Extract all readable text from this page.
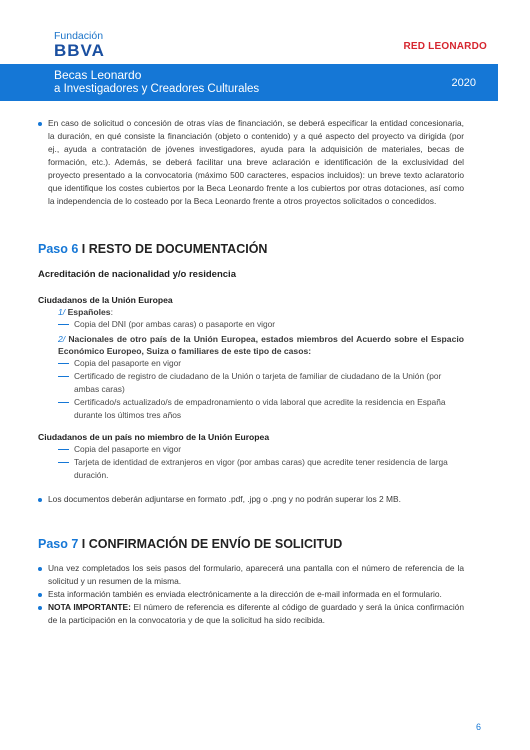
Fundación
BBVA	RED LEONARDO
Becas Leonardo
a Investigadores y Creadores Culturales	2020

En caso de solicitud o concesión de otras vías de financiación, se deberá especificar la entidad concesionaria, la duración, en qué consiste la financiación (objeto o contenido) y a qué aspecto del proyecto va dirigida (por ej., ayuda a contratación de jóvenes investigadores, ayuda para la adquisición de materiales, becas de formación, etc.). Además, se deberá facilitar una breve aclaración e identificación de la exclusividad del proyecto presentado a la convocatoria (máximo 500 caracteres, espacios incluidos): un breve texto aclaratorio que identifique los costes cubiertos por la Beca Leonardo frente a los cubiertos por otras dotaciones, así como la independencia de lo costeado por la Beca Leonardo frente a otros proyectos solicitados o concedidos.

Paso 6 I RESTO DE DOCUMENTACIÓN
Acreditación de nacionalidad y/o residencia
Ciudadanos de la Unión Europea
1/ Españoles:
Copia del DNI (por ambas caras) o pasaporte en vigor
2/ Nacionales de otro país de la Unión Europea, estados miembros del Acuerdo sobre el Espacio Económico Europeo, Suiza o familiares de este tipo de casos:
Copia del pasaporte en vigor
Certificado de registro de ciudadano de la Unión o tarjeta de familiar de ciudadano de la Unión (por ambas caras)
Certificado/s actualizado/s de empadronamiento o vida laboral que acredite la residencia en España durante los últimos tres años
Ciudadanos de un país no miembro de la Unión Europea
Copia del pasaporte en vigor
Tarjeta de identidad de extranjeros en vigor (por ambas caras) que acredite tener residencia de larga duración.

Los documentos deberán adjuntarse en formato .pdf, .jpg o .png y no podrán superar los 2 MB.

Paso 7 I CONFIRMACIÓN DE ENVÍO DE SOLICITUD

Una vez completados los seis pasos del formulario, aparecerá una pantalla con el número de referencia de la solicitud y un resumen de la misma.

Esta información también es enviada electrónicamente a la dirección de e-mail informada en el formulario.

NOTA IMPORTANTE: El número de referencia es diferente al código de guardado y será la única confirmación de la participación en la convocatoria y de que la solicitud ha sido recibida.

6
